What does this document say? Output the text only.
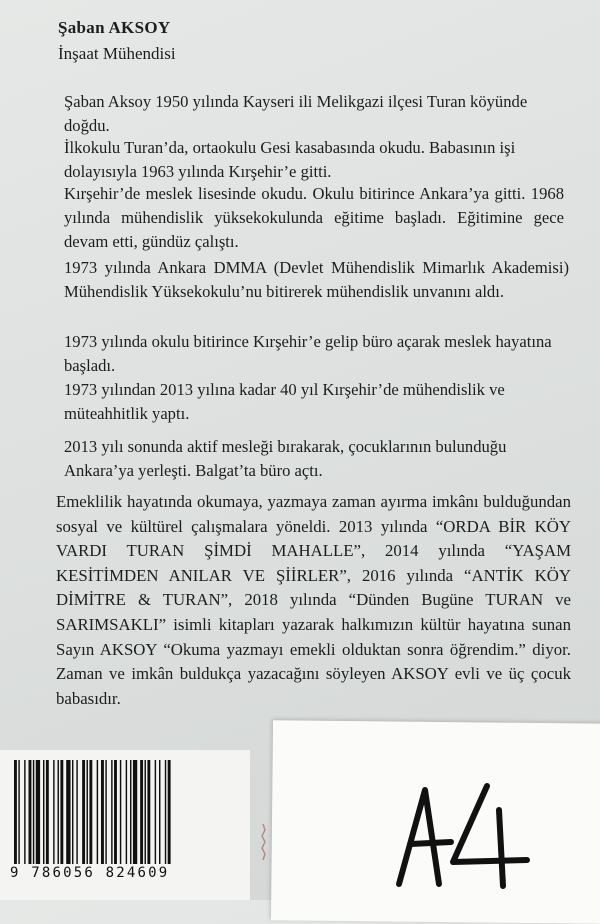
Şaban AKSOY
İnşaat Mühendisi

Şaban Aksoy 1950 yılında Kayseri ili Melikgazi ilçesi Turan köyünde doğdu.

İlkokulu Turan’da, ortaokulu Gesi kasabasında okudu. Babasının işi dolayısıyla 1963 yılında Kırşehir’e gitti.

Kırşehir’de meslek lisesinde okudu. Okulu bitirince Ankara’ya gitti. 1968 yılında mühendislik yüksekokulunda eğitime başladı. Eğitimine gece devam etti, gündüz çalıştı.

1973 yılında Ankara DMMA (Devlet Mühendislik Mimarlık Akademisi) Mühendislik Yüksekokulu’nu bitirerek mühendislik unvanını aldı.

1973 yılında okulu bitirince Kırşehir’e gelip büro açarak meslek hayatına başladı.

1973 yılından 2013 yılına kadar 40 yıl Kırşehir’de mühendislik ve müteahhitlik yaptı.

2013 yılı sonunda aktif mesleği bırakarak, çocuklarının bulunduğu Ankara’ya yerleşti. Balgat’ta büro açtı.

Emeklilik hayatında okumaya, yazmaya zaman ayırma imkânı bulduğundan sosyal ve kültürel çalışmalara yöneldi. 2013 yılında “ORDA BİR KÖY VARDI TURAN ŞİMDİ MAHALLE”, 2014 yılında “YAŞAM KESİTİMDEN ANILAR VE ŞİİRLER”, 2016 yılında “ANTİK KÖY DİMİTRE & TURAN”, 2018 yılında “Dünden Bugüne TURAN ve SARIMSAKLI” isimli kitapları yazarak halkımızın kültür hayatına sunan Sayın AKSOY “Okuma yazmayı emekli olduktan sonra öğrendim.” diyor. Zaman ve imkân buldukça yazacağını söyleyen AKSOY evli ve üç çocuk babasıdır.

9 786056 824609
